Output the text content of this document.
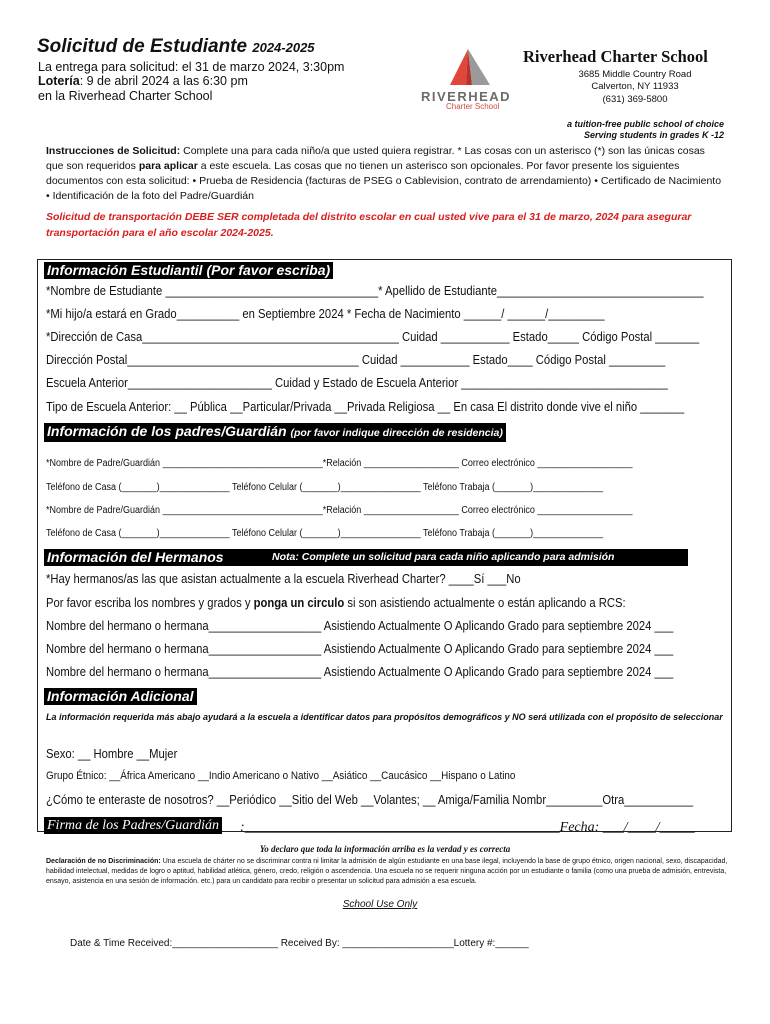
Solicitud de Estudiante 2024-2025
La entrega para solicitud: el 31 de marzo 2024, 3:30pm
Lotería: 9 de abril 2024 a las 6:30 pm
en la Riverhead Charter School	RIVERHEAD
Charter School
Riverhead Charter School
3685 Middle Country Road
Calverton, NY 11933
(631) 369-5800
a tuition-free public school of choice
Serving students in grades K -12
Instrucciones de Solicitud: Complete una para cada niño/a que usted quiera registrar. * Las cosas con un asterisco (*) son las únicas cosas que son requeridos para aplicar a este escuela. Las cosas que no tienen un asterisco son opcionales. Por favor presente los siguientes documentos con esta solicitud: • Prueba de Residencia (facturas de PSEG o Cablevision, contrato de arrendamiento) • Certificado de Nacimiento • Identificación de la foto del Padre/Guardián
Solicitud de transportación DEBE SER completada del distrito escolar en cual usted vive para el 31 de marzo, 2024 para asegurar transportación para el año escolar 2024-2025.
Información Estudiantil (Por favor escriba)
*Nombre de Estudiante __________________________________* Apellido de Estudiante_________________________________
*Mi hijo/a estará en Grado__________ en Septiembre 2024 * Fecha de Nacimiento ______/ ______/_________
*Dirección de Casa_________________________________________ Cuidad ___________ Estado_____ Código Postal _______
Dirección Postal_____________________________________ Cuidad ___________ Estado____ Código Postal _________
Escuela Anterior_______________________ Cuidad y Estado de Escuela Anterior _________________________________
Tipo de Escuela Anterior: __ Pública __Particular/Privada __Privada Religiosa __ En casa El distrito donde vive el niño _______
Información de los padres/Guardián (por favor indique dirección de residencia)
*Nombre de Padre/Guardián ________________________________*Relación ___________________ Correo electrónico ___________________
Teléfono de Casa (_______)______________ Teléfono Celular (_______)________________ Teléfono Trabaja (_______)______________
*Nombre de Padre/Guardián ________________________________*Relación ___________________ Correo electrónico ___________________
Teléfono de Casa (_______)______________ Teléfono Celular (_______)________________ Teléfono Trabaja (_______)______________
Información del Hermanos	Nota: Complete un solicitud para cada niño aplicando para admisión
*Hay hermanos/as las que asistan actualmente a la escuela Riverhead Charter? ____Sí ___No
Por favor escriba los nombres y grados y ponga un circulo si son asistiendo actualmente o están aplicando a RCS:
Nombre del hermano o hermana__________________ Asistiendo Actualmente O Aplicando Grado para septiembre 2024 ___
Nombre del hermano o hermana__________________ Asistiendo Actualmente O Aplicando Grado para septiembre 2024 ___
Nombre del hermano o hermana__________________ Asistiendo Actualmente O Aplicando Grado para septiembre 2024 ___
Información Adicional
La información requerida más abajo ayudará a la escuela a identificar datos para propósitos demográficos y NO será utilizada con el propósito de seleccionar
Sexo: __ Hombre __Mujer
Grupo Étnico: __África Americano __Indio Americano o Nativo __Asiático __Caucásico __Hispano o Latino
¿Cómo te enteraste de nosotros? __Periódico __Sitio del Web __Volantes; __ Amiga/Familia Nombr_________Otra___________
Firma de los Padres/Guardián :_____________________________________________Fecha: ___/____/_____
Yo declaro que toda la información arriba es la verdad y es correcta
Declaración de no Discriminación: Una escuela de chárter no se discriminar contra ni limitar la admisión de algún estudiante en una base ilegal, incluyendo la base de grupo étnico, origen nacional, sexo, discapacidad, habilidad intelectual, medidas de logro o aptitud, habilidad atlética, género, credo, religión o ascendencia. Una escuela no se requerir ninguna acción por un estudiante o familia (como una prueba de admisión, entrevista, ensayo, asistencia en una sesión de información. etc.) para un candidato para recibir o presentar un solicitud para admisión a esa escuela.
School Use Only
Date & Time Received:___________________ Received By: ____________________Lottery #:______
